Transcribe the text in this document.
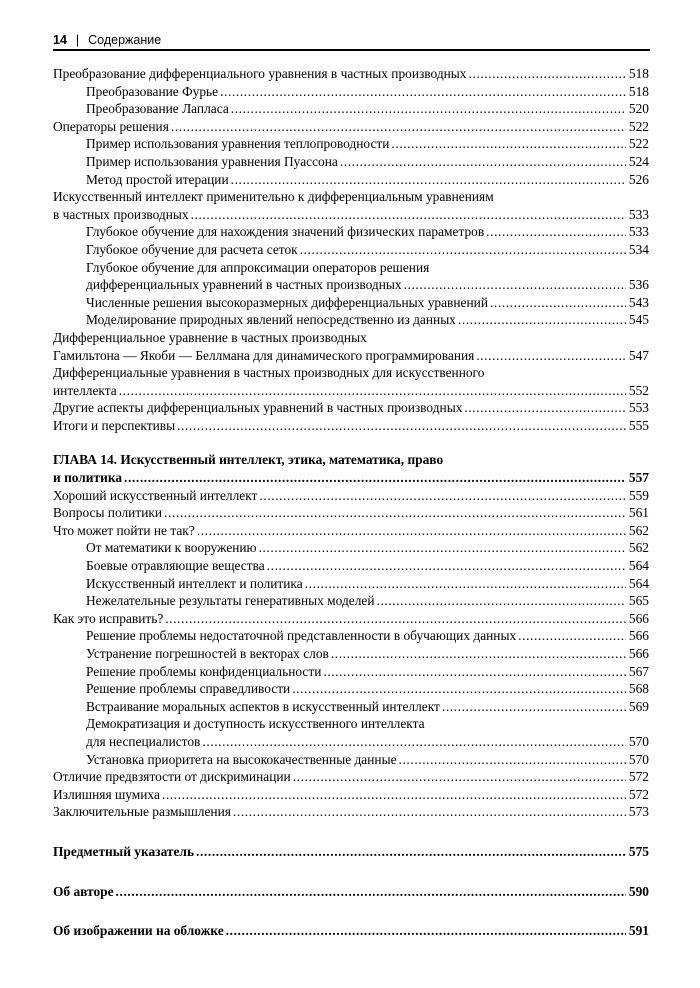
14 | Содержание
Преобразование дифференциального уравнения в частных производных .....	518
Преобразование Фурье .....	518
Преобразование Лапласа .....	520
Операторы решения .....	522
Пример использования уравнения теплопроводности .....	522
Пример использования уравнения Пуассона .....	524
Метод простой итерации .....	526
Искусственный интеллект применительно к дифференциальным уравнениям
в частных производных .....	533
Глубокое обучение для нахождения значений физических параметров .....	533
Глубокое обучение для расчета сеток .....	534
Глубокое обучение для аппроксимации операторов решения
дифференциальных уравнений в частных производных .....	536
Численные решения высокоразмерных дифференциальных уравнений .....	543
Моделирование природных явлений непосредственно из данных .....	545
Дифференциальное уравнение в частных производных
Гамильтона — Якоби — Беллмана для динамического программирования .....	547
Дифференциальные уравнения в частных производных для искусственного
интеллекта .....	552
Другие аспекты дифференциальных уравнений в частных производных .....	553
Итоги и перспективы .....	555
ГЛАВА 14. Искусственный интеллект, этика, математика, право
и политика .....	557
Хороший искусственный интеллект .....	559
Вопросы политики .....	561
Что может пойти не так? .....	562
От математики к вооружению .....	562
Боевые отравляющие вещества .....	564
Искусственный интеллект и политика .....	564
Нежелательные результаты генеративных моделей .....	565
Как это исправить? .....	566
Решение проблемы недостаточной представленности в обучающих данных .....	566
Устранение погрешностей в векторах слов .....	566
Решение проблемы конфиденциальности .....	567
Решение проблемы справедливости .....	568
Встраивание моральных аспектов в искусственный интеллект .....	569
Демократизация и доступность искусственного интеллекта
для неспециалистов .....	570
Установка приоритета на высококачественные данные .....	570
Отличие предвзятости от дискриминации .....	572
Излишняя шумиха .....	572
Заключительные размышления .....	573
Предметный указатель .....	575
Об авторе .....	590
Об изображении на обложке .....	591
